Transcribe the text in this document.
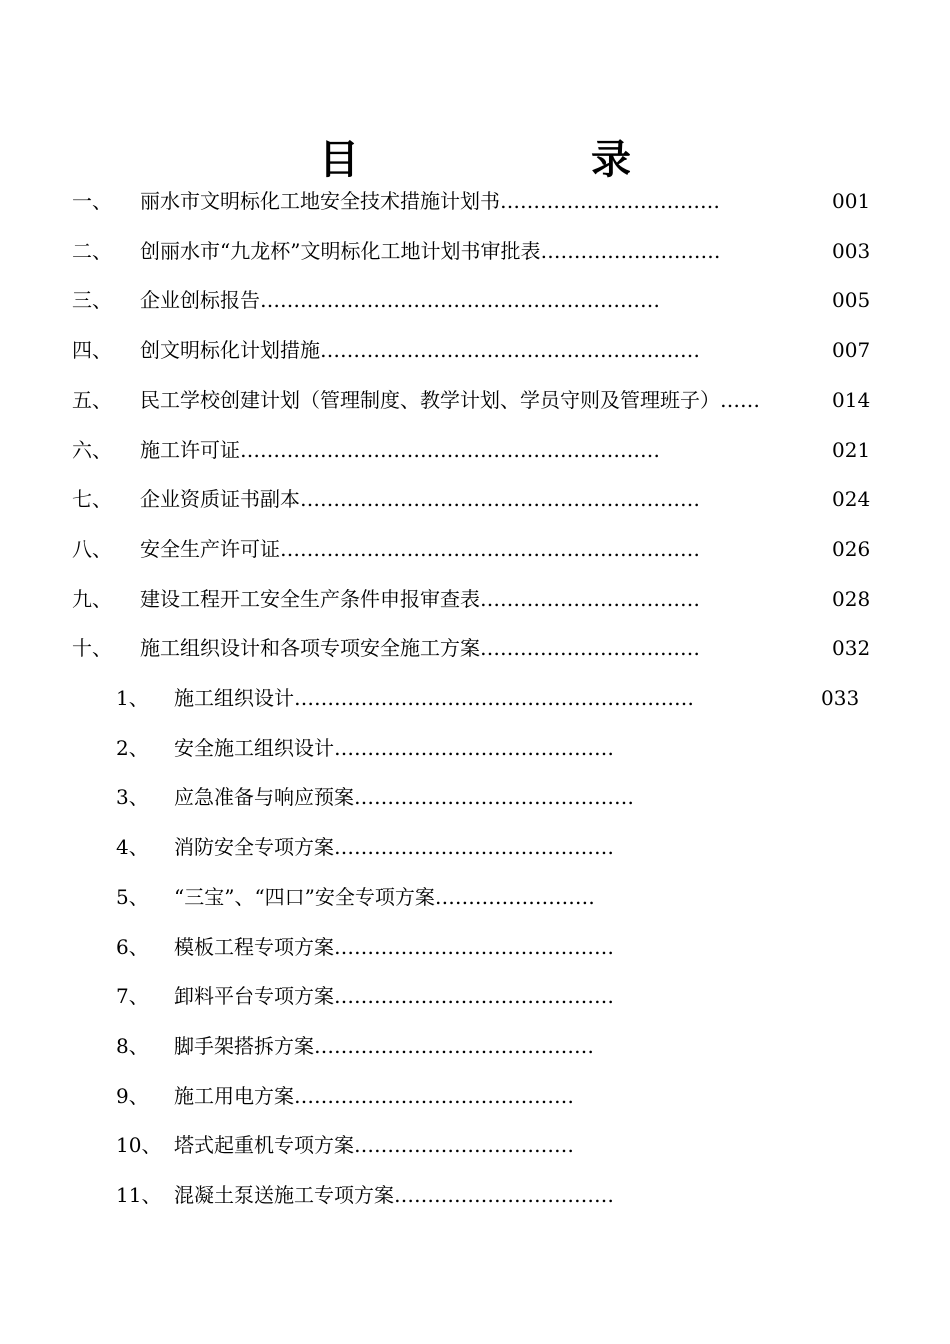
目　录
一、 丽水市文明标化工地安全技术措施计划书……………………………	001
二、 创丽水市“九龙杯”文明标化工地计划书审批表………………………	003
三、 企业创标报告……………………………………………………	005
四、 创文明标化计划措施…………………………………………………	007
五、 民工学校创建计划（管理制度、教学计划、学员守则及管理班子）……	014
六、 施工许可证………………………………………………………	021
七、 企业资质证书副本……………………………………………………	024
八、 安全生产许可证………………………………………………………	026
九、 建设工程开工安全生产条件申报审查表……………………………	028
十、 施工组织设计和各项专项安全施工方案……………………………	032
1、 施工组织设计……………………………………………………	033
2、 安全施工组织设计……………………………………
3、 应急准备与响应预案……………………………………
4、 消防安全专项方案……………………………………
5、 “三宝”、“四口”安全专项方案……………………
6、 模板工程专项方案……………………………………
7、 卸料平台专项方案……………………………………
8、 脚手架搭拆方案……………………………………
9、 施工用电方案……………………………………
10、 塔式起重机专项方案……………………………
11、 混凝土泵送施工专项方案……………………………
